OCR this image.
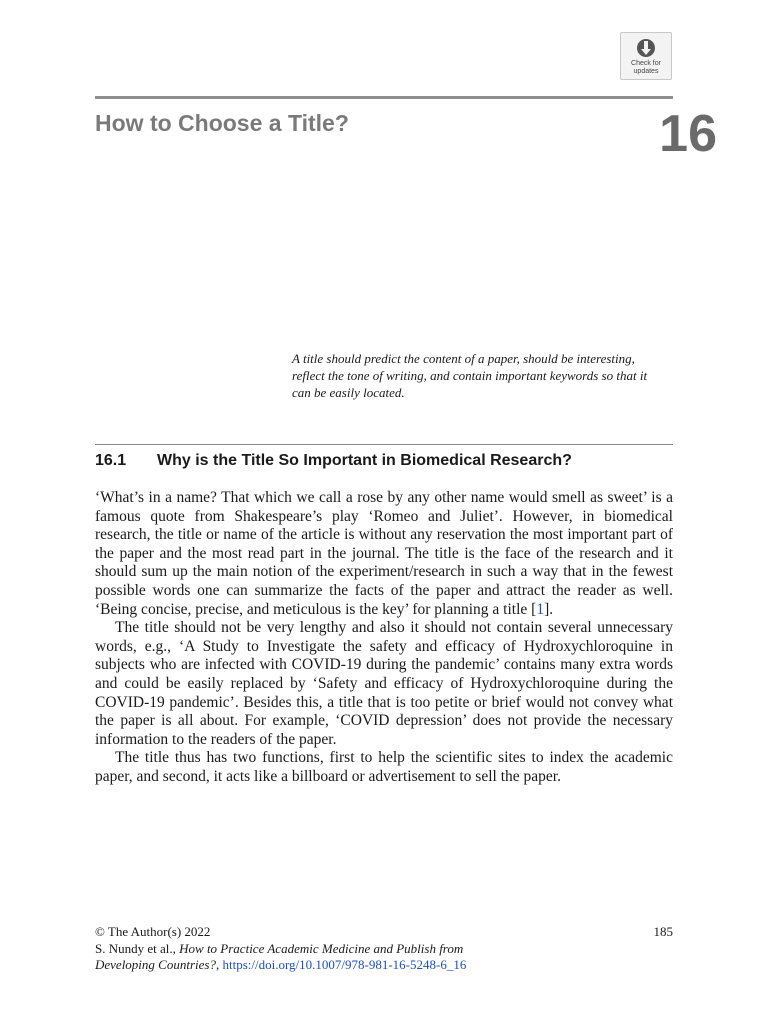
Check for
updates
How to Choose a Title?	16

A title should predict the content of a paper, should be interesting, reflect the tone of writing, and contain important keywords so that it can be easily located.

16.1 Why is the Title So Important in Biomedical Research?

‘What’s in a name? That which we call a rose by any other name would smell as sweet’ is a famous quote from Shakespeare’s play ‘Romeo and Juliet’. However, in biomedical research, the title or name of the article is without any reservation the most important part of the paper and the most read part in the journal. The title is the face of the research and it should sum up the main notion of the experiment/research in such a way that in the fewest possible words one can summarize the facts of the paper and attract the reader as well. ‘Being concise, precise, and meticulous is the key’ for planning a title [1].

The title should not be very lengthy and also it should not contain several unnecessary words, e.g., ‘A Study to Investigate the safety and efficacy of Hydroxychloroquine in subjects who are infected with COVID-19 during the pandemic’ contains many extra words and could be easily replaced by ‘Safety and efficacy of Hydroxychloroquine during the COVID-19 pandemic’. Besides this, a title that is too petite or brief would not convey what the paper is all about. For example, ‘COVID depression’ does not provide the necessary information to the readers of the paper.

The title thus has two functions, first to help the scientific sites to index the academic paper, and second, it acts like a billboard or advertisement to sell the paper.

© The Author(s) 2022
S. Nundy et al., How to Practice Academic Medicine and Publish from
Developing Countries?, https://doi.org/10.1007/978-981-16-5248-6_16
185
